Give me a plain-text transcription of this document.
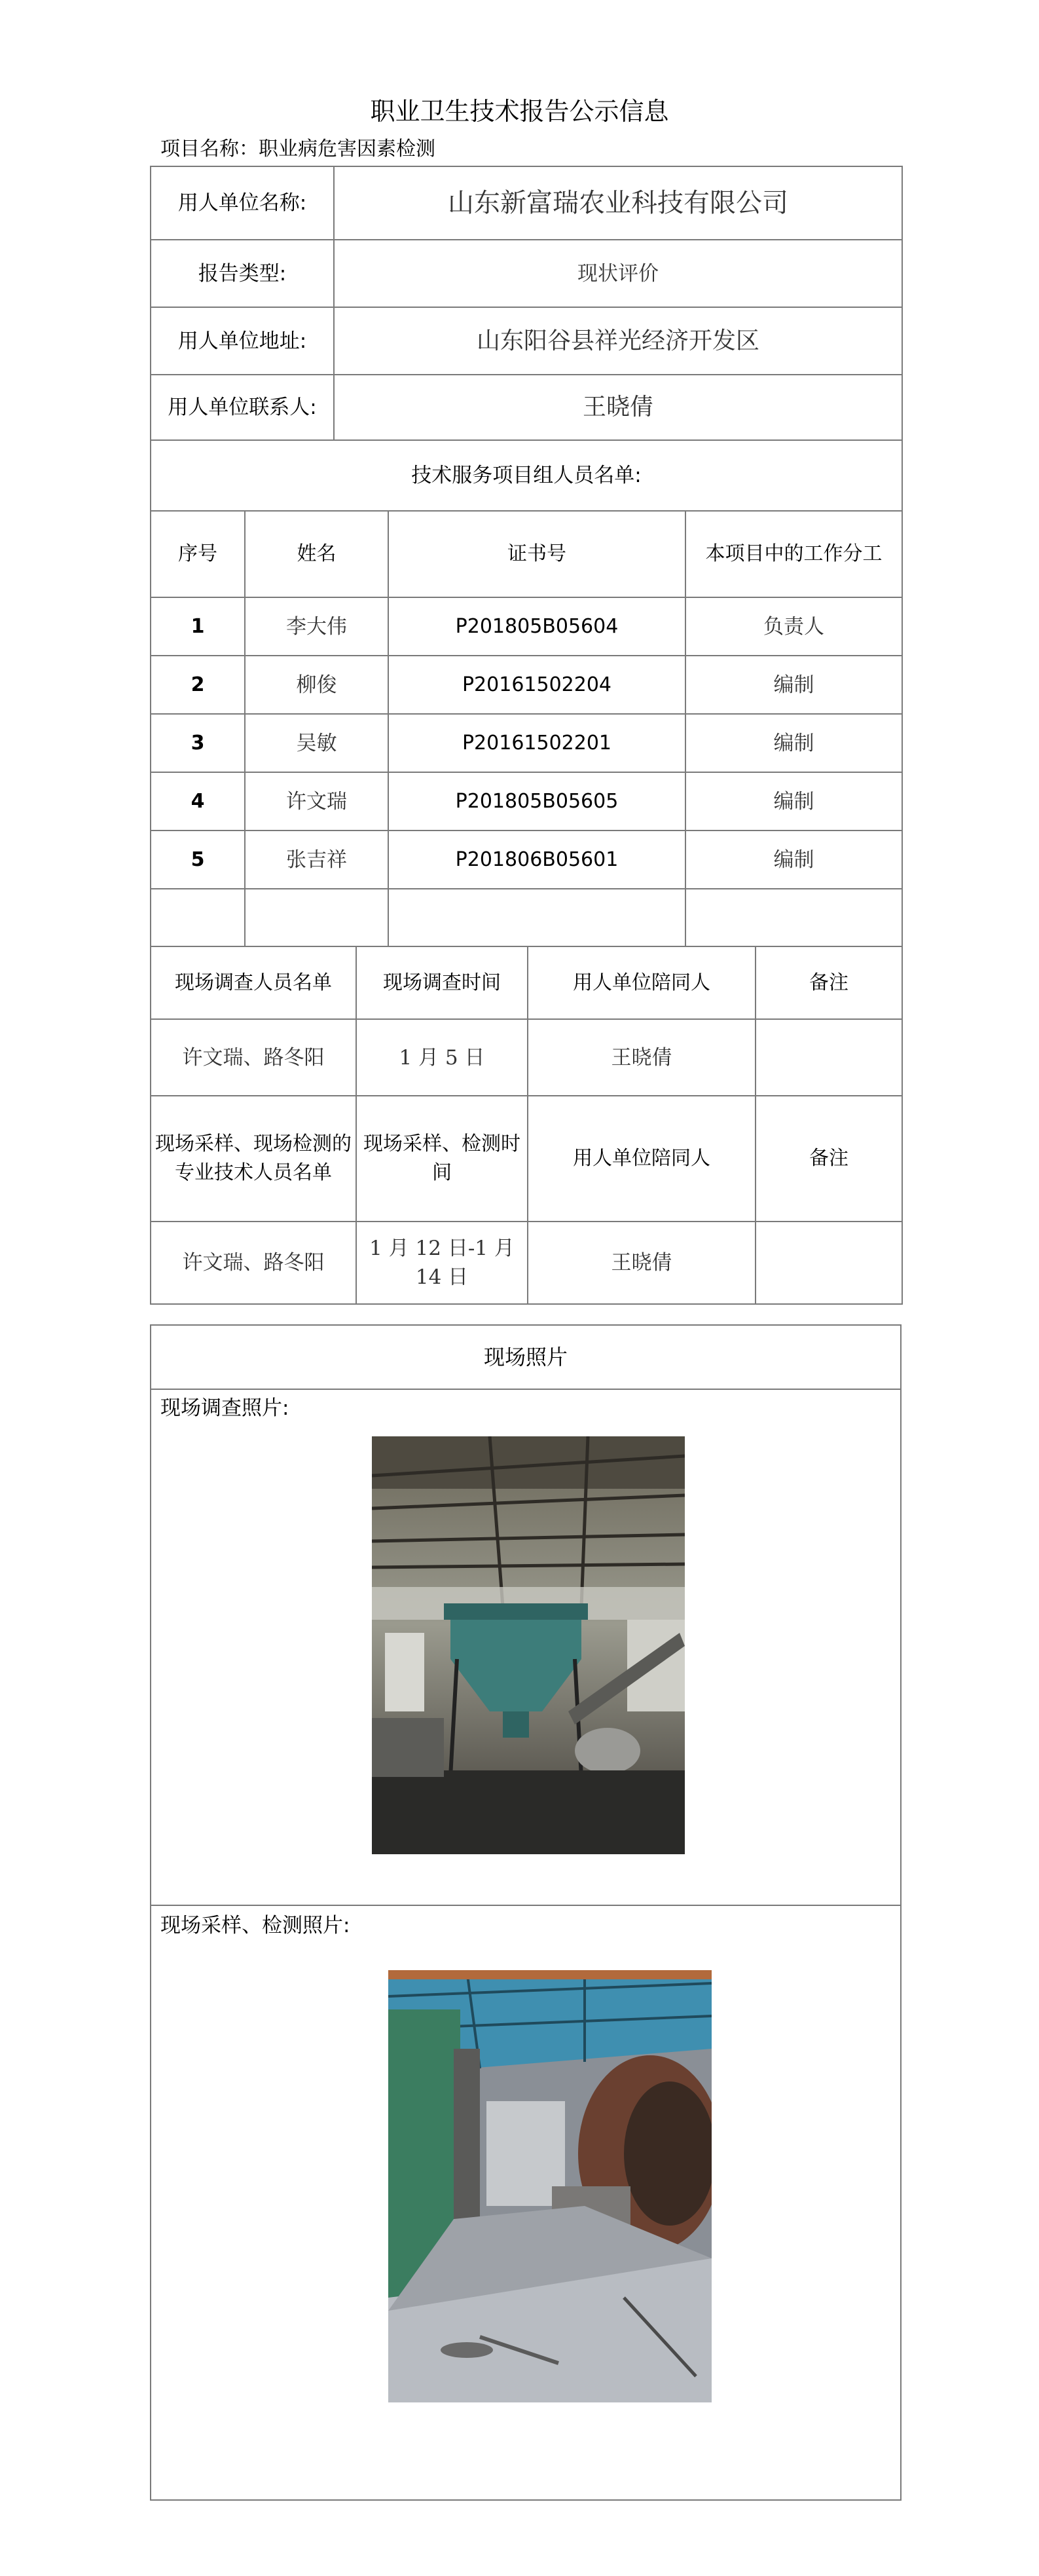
职业卫生技术报告公示信息
项目名称：职业病危害因素检测
用人单位名称:	山东新富瑞农业科技有限公司
报告类型:	现状评价
用人单位地址:	山东阳谷县祥光经济开发区
用人单位联系人:	王晓倩
技术服务项目组人员名单:	
序号	姓名	证书号	本项目中的工作分工
1	李大伟	P201805B05604	负责人
2	柳俊	P20161502204	编制
3	吴敏	P20161502201	编制
4	许文瑞	P201805B05605	编制
5	张吉祥	P201806B05601	编制

现场调查人员名单	现场调查时间	用人单位陪同人	备注
许文瑞、路冬阳	1 月 5 日	王晓倩	
现场采样、现场检测的专业技术人员名单	现场采样、检测时间	用人单位陪同人	备注
许文瑞、路冬阳	1 月 12 日-1 月 14 日	王晓倩	
现场照片
现场调查照片:
现场采样、检测照片:
